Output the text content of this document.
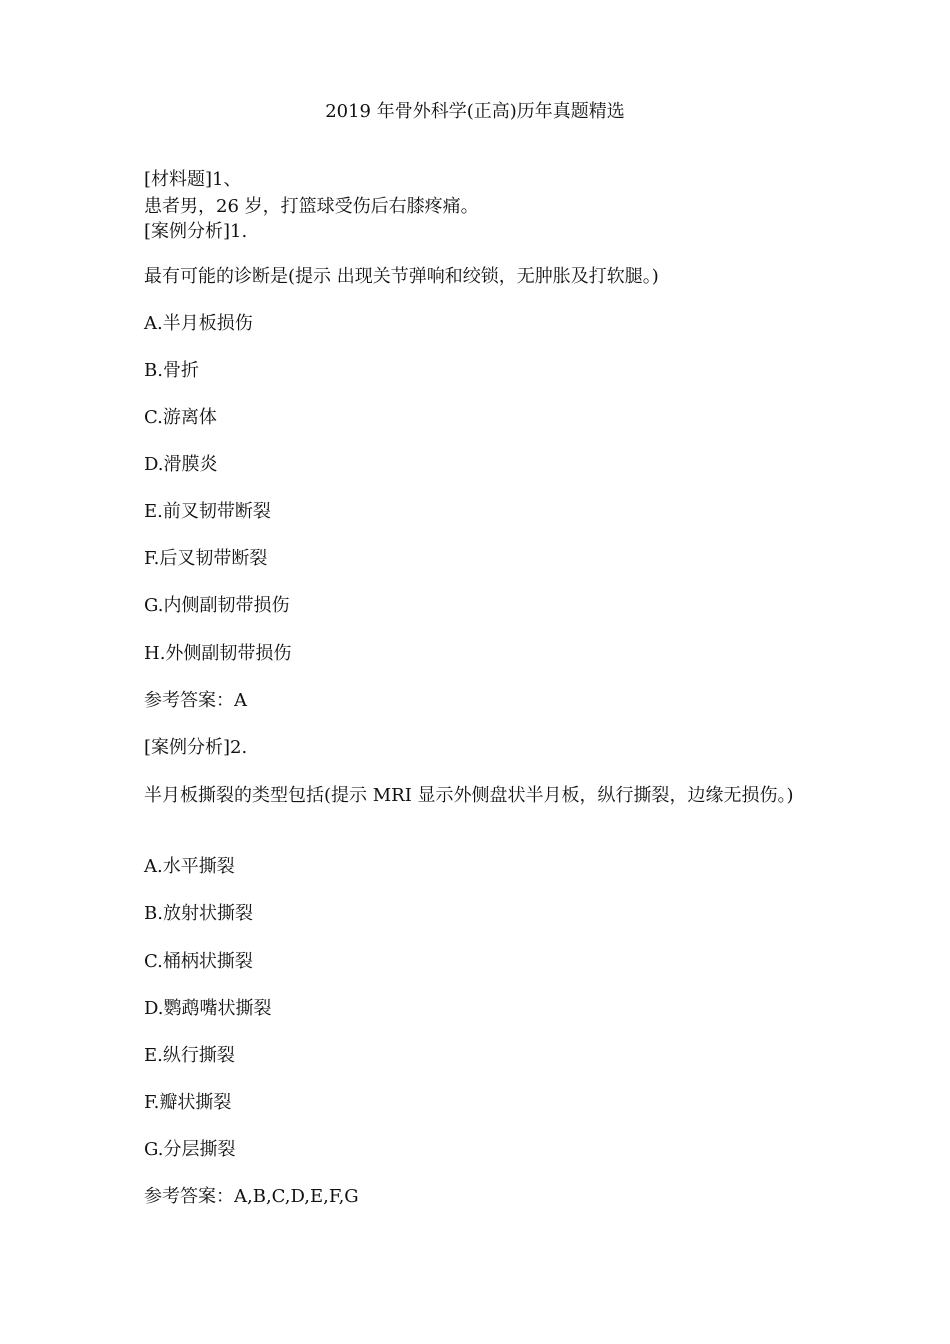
2019 年骨外科学(正高)历年真题精选
[材料题]1、
患者男，26 岁，打篮球受伤后右膝疼痛。
[案例分析]1.
最有可能的诊断是(提示 出现关节弹响和绞锁，无肿胀及打软腿。)
A.半月板损伤
B.骨折
C.游离体
D.滑膜炎
E.前叉韧带断裂
F.后叉韧带断裂
G.内侧副韧带损伤
H.外侧副韧带损伤
参考答案：A
[案例分析]2.
半月板撕裂的类型包括(提示 MRI 显示外侧盘状半月板，纵行撕裂，边缘无损伤。)
A.水平撕裂
B.放射状撕裂
C.桶柄状撕裂
D.鹦鹉嘴状撕裂
E.纵行撕裂
F.瓣状撕裂
G.分层撕裂
参考答案：A,B,C,D,E,F,G
